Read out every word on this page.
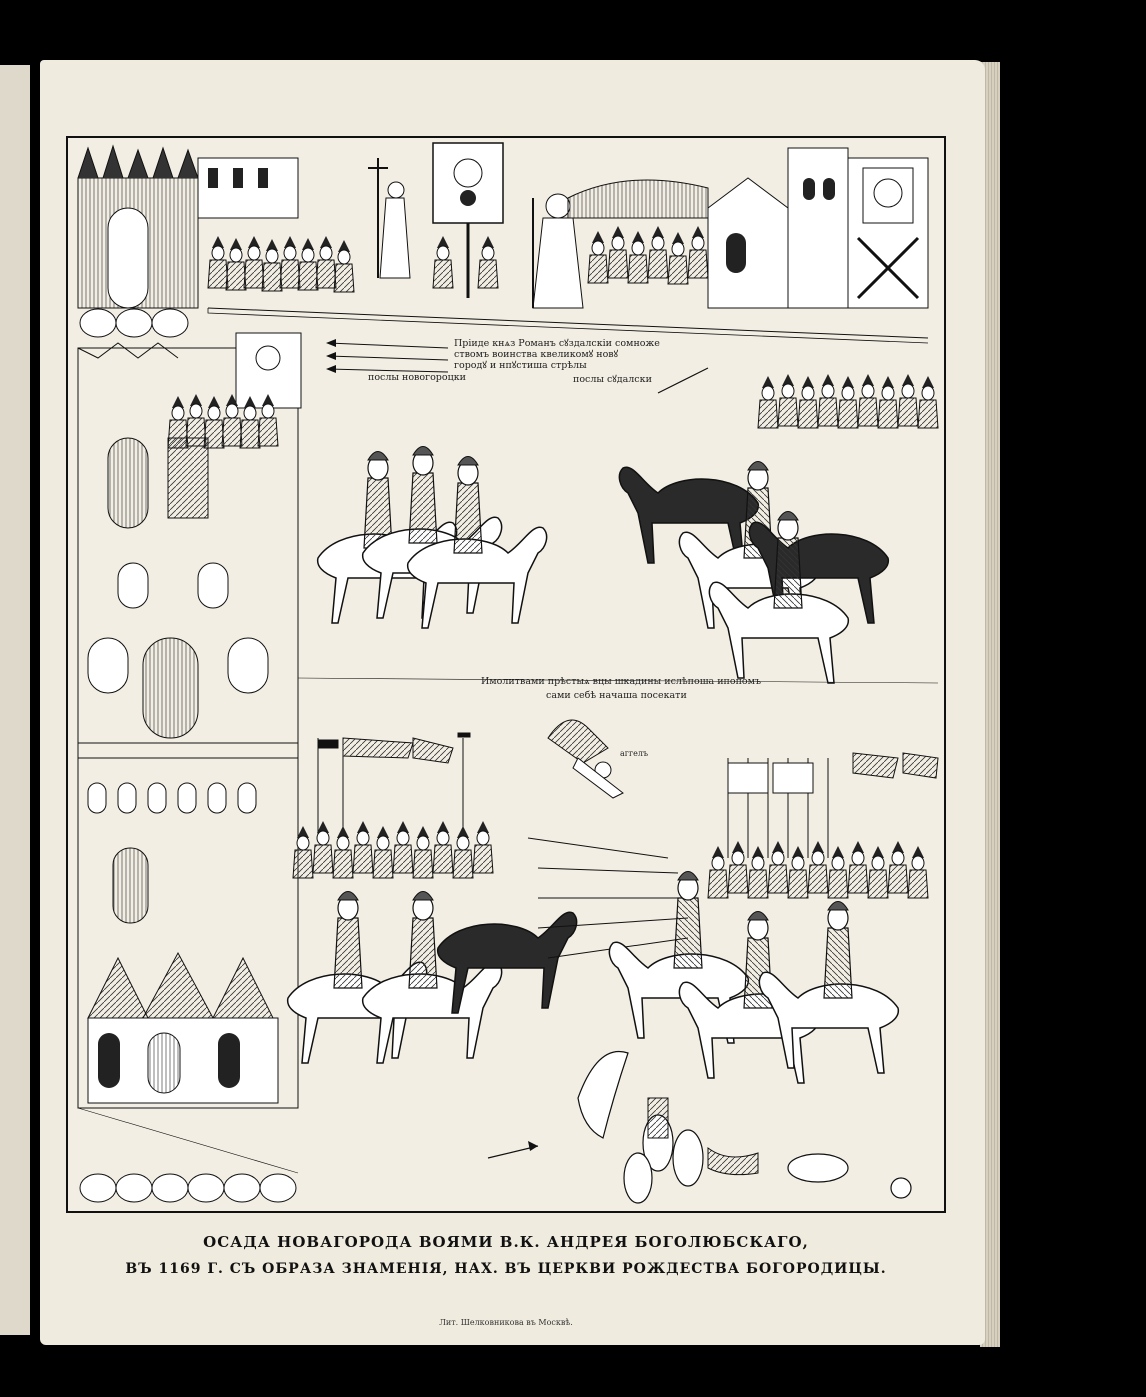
Прiиде кнѧз Романъ сꙋздалскiи сомноже
ствомъ воинства квеликомꙋ новꙋ
городꙋ и нпꙋстиша стрѣлы
послы новогороцки	послы сꙋдалски
Имолитвами прѣстыѧ вцы шкадины ислѣпоша ипопомъ
сами себѣ начаша посекати
аггелъ
ОСАДА НОВАГОРОДА ВОЯМИ В.К. АНДРЕЯ БОГОЛЮБСКАГО,
ВЪ 1169 Г. СЪ ОБРАЗА ЗНАМЕНIЯ, НАХ. ВЪ ЦЕРКВИ РОЖДЕСТВА БОГОРОДИЦЫ.
Лит. Шелковникова въ Москвѣ.
